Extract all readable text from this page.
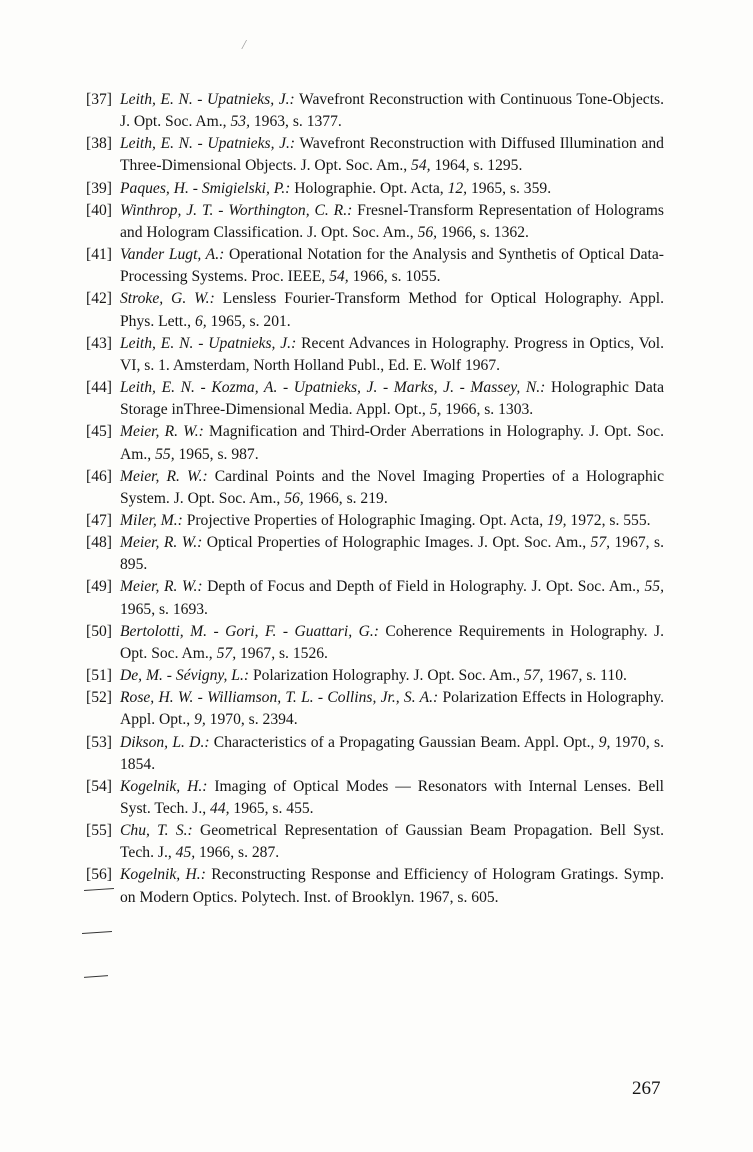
/
[37] Leith, E. N. - Upatnieks, J.: Wavefront Reconstruction with Continuous Tone-Objects. J. Opt. Soc. Am., 53, 1963, s. 1377.
[38] Leith, E. N. - Upatnieks, J.: Wavefront Reconstruction with Diffused Illumination and Three-Dimensional Objects. J. Opt. Soc. Am., 54, 1964, s. 1295.
[39] Paques, H. - Smigielski, P.: Holographie. Opt. Acta, 12, 1965, s. 359.
[40] Winthrop, J. T. - Worthington, C. R.: Fresnel-Transform Representation of Holograms and Hologram Classification. J. Opt. Soc. Am., 56, 1966, s. 1362.
[41] Vander Lugt, A.: Operational Notation for the Analysis and Synthetis of Optical Data-Processing Systems. Proc. IEEE, 54, 1966, s. 1055.
[42] Stroke, G. W.: Lensless Fourier-Transform Method for Optical Holography. Appl. Phys. Lett., 6, 1965, s. 201.
[43] Leith, E. N. - Upatnieks, J.: Recent Advances in Holography. Progress in Optics, Vol. VI, s. 1. Amsterdam, North Holland Publ., Ed. E. Wolf 1967.
[44] Leith, E. N. - Kozma, A. - Upatnieks, J. - Marks, J. - Massey, N.: Holographic Data Storage inThree-Dimensional Media. Appl. Opt., 5, 1966, s. 1303.
[45] Meier, R. W.: Magnification and Third-Order Aberrations in Holography. J. Opt. Soc. Am., 55, 1965, s. 987.
[46] Meier, R. W.: Cardinal Points and the Novel Imaging Properties of a Holographic System. J. Opt. Soc. Am., 56, 1966, s. 219.
[47] Miler, M.: Projective Properties of Holographic Imaging. Opt. Acta, 19, 1972, s. 555.
[48] Meier, R. W.: Optical Properties of Holographic Images. J. Opt. Soc. Am., 57, 1967, s. 895.
[49] Meier, R. W.: Depth of Focus and Depth of Field in Holography. J. Opt. Soc. Am., 55, 1965, s. 1693.
[50] Bertolotti, M. - Gori, F. - Guattari, G.: Coherence Requirements in Holography. J. Opt. Soc. Am., 57, 1967, s. 1526.
[51] De, M. - Sévigny, L.: Polarization Holography. J. Opt. Soc. Am., 57, 1967, s. 110.
[52] Rose, H. W. - Williamson, T. L. - Collins, Jr., S. A.: Polarization Effects in Holography. Appl. Opt., 9, 1970, s. 2394.
[53] Dikson, L. D.: Characteristics of a Propagating Gaussian Beam. Appl. Opt., 9, 1970, s. 1854.
[54] Kogelnik, H.: Imaging of Optical Modes — Resonators with Internal Lenses. Bell Syst. Tech. J., 44, 1965, s. 455.
[55] Chu, T. S.: Geometrical Representation of Gaussian Beam Propagation. Bell Syst. Tech. J., 45, 1966, s. 287.
[56] Kogelnik, H.: Reconstructing Response and Efficiency of Hologram Gratings. Symp. on Modern Optics. Polytech. Inst. of Brooklyn. 1967, s. 605.
267
